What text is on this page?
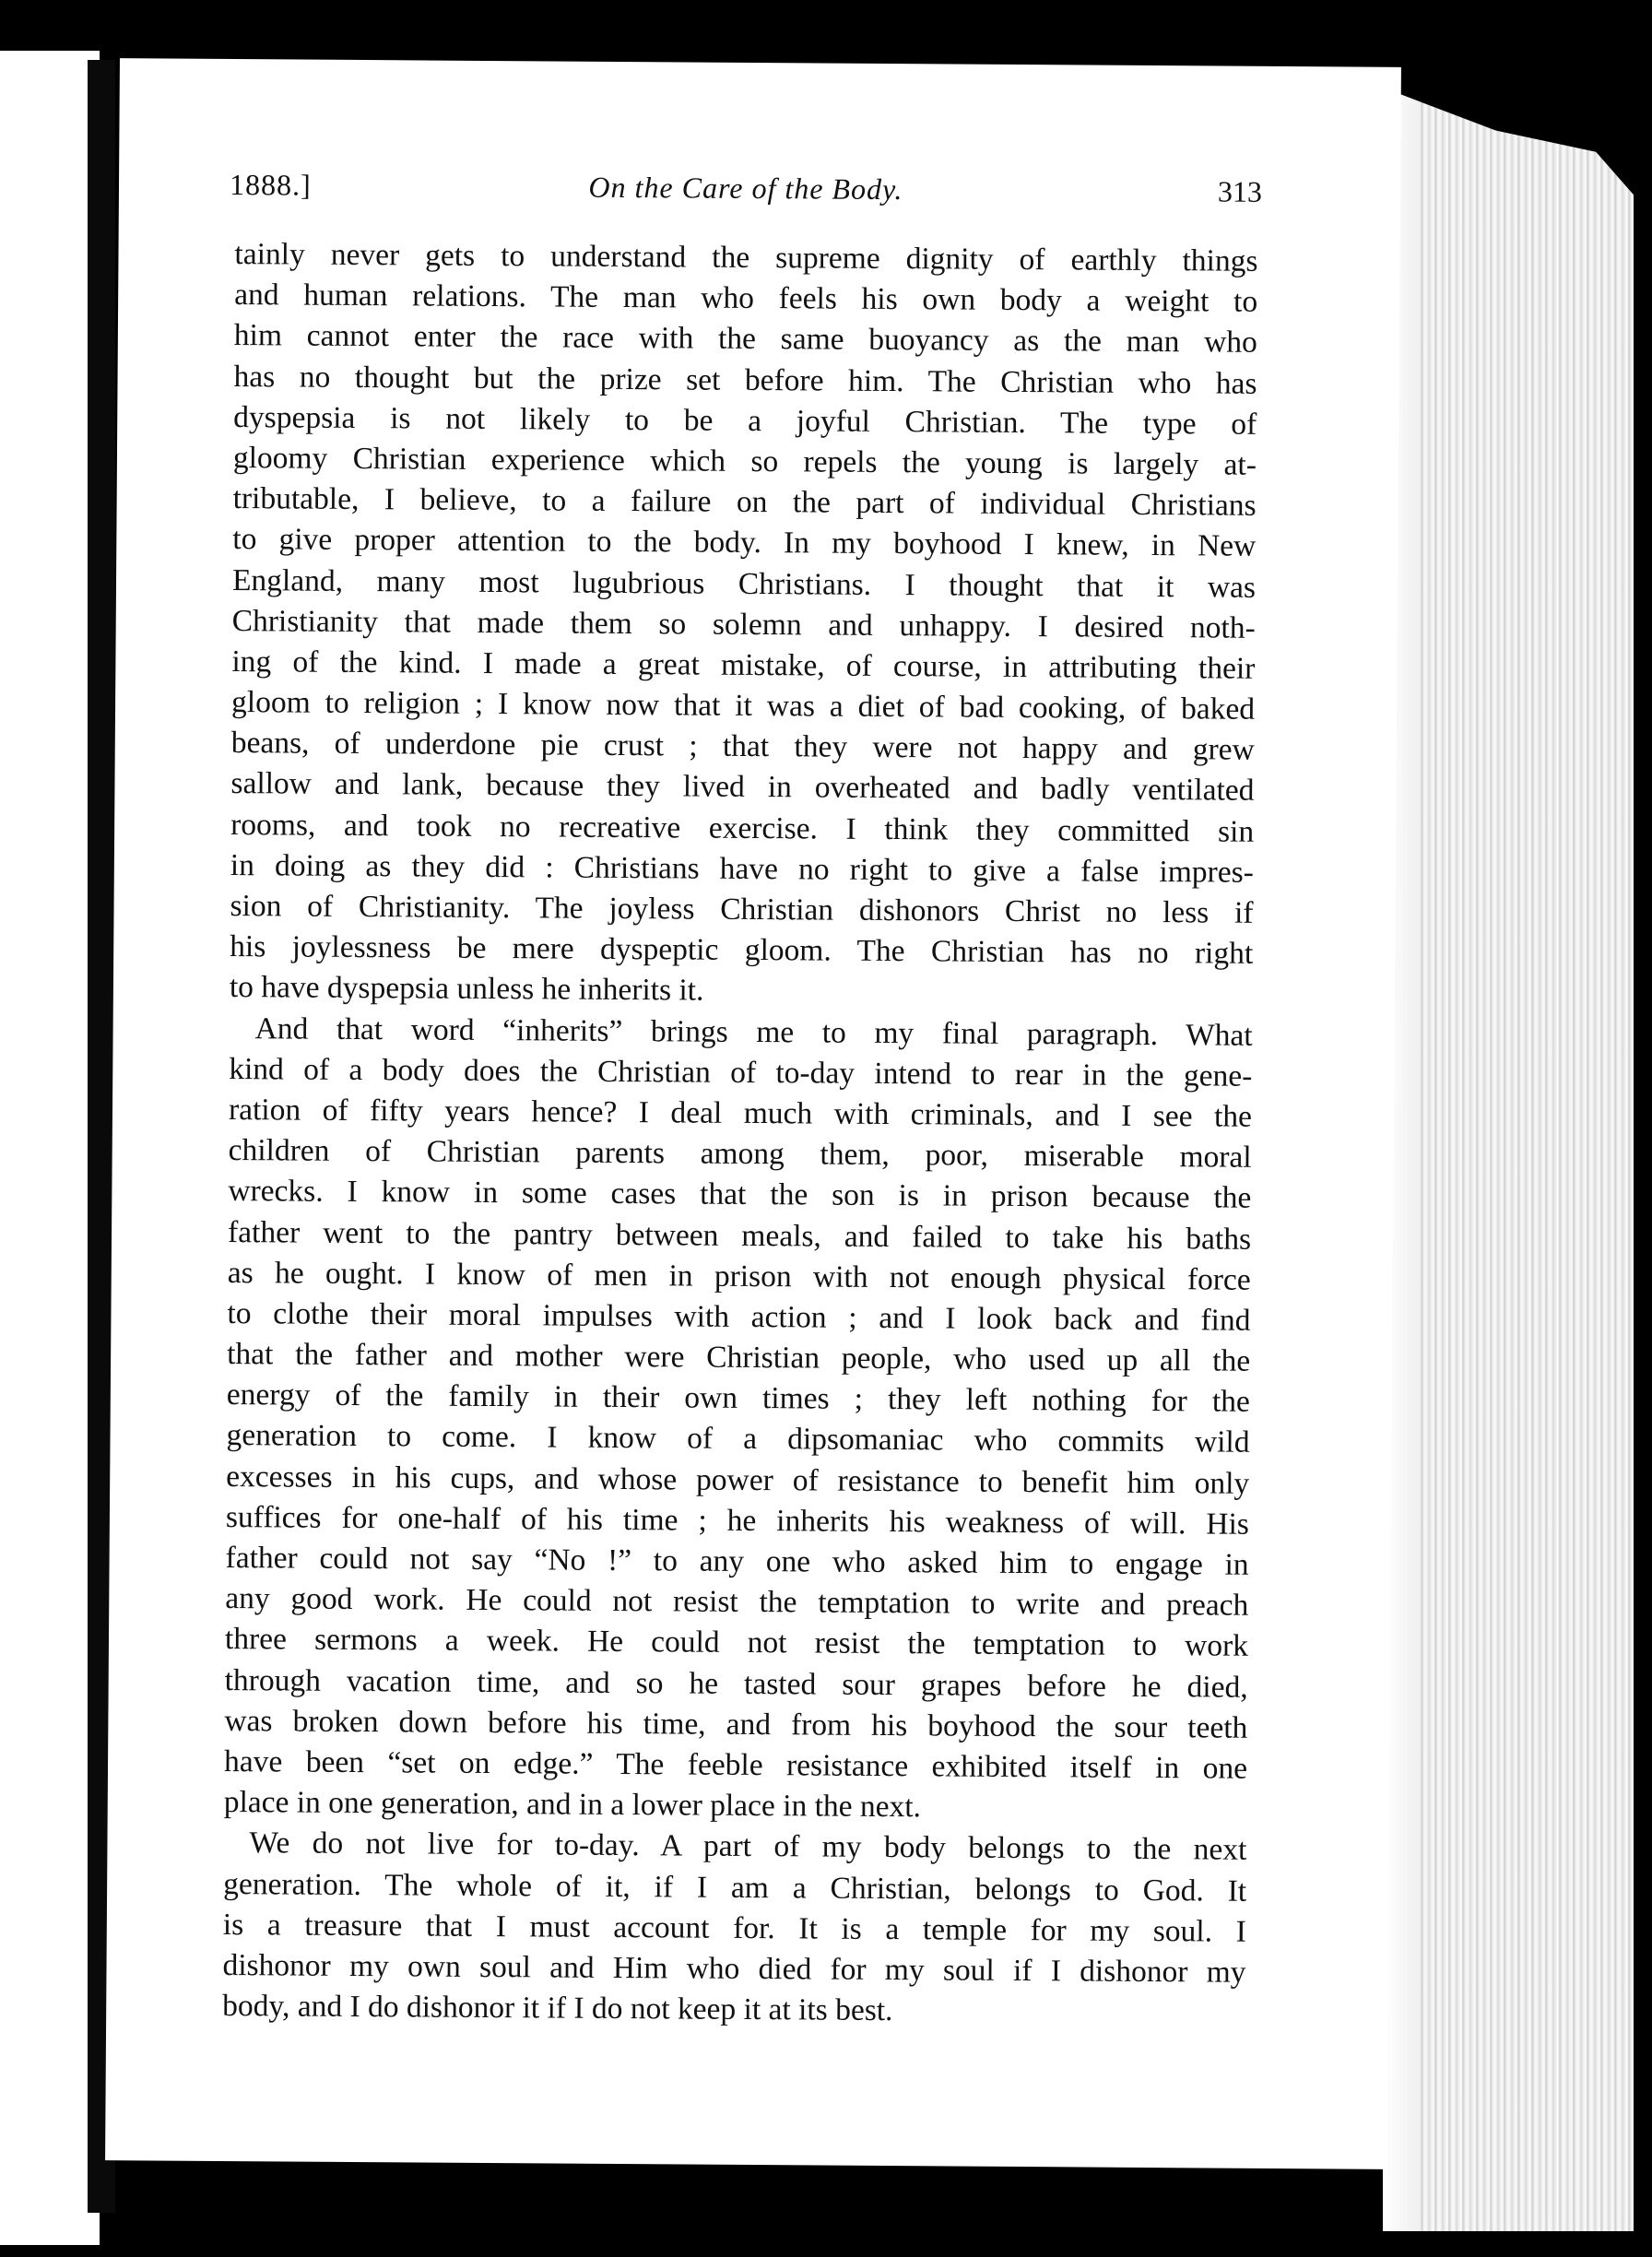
1888.]	On the Care of the Body.	313
tainly never gets to understand the supreme dignity of earthly things
and human relations. The man who feels his own body a weight to
him cannot enter the race with the same buoyancy as the man who
has no thought but the prize set before him. The Christian who has
dyspepsia is not likely to be a joyful Christian. The type of
gloomy Christian experience which so repels the young is largely at-
tributable, I believe, to a failure on the part of individual Christians
to give proper attention to the body. In my boyhood I knew, in New
England, many most lugubrious Christians. I thought that it was
Christianity that made them so solemn and unhappy. I desired noth-
ing of the kind. I made a great mistake, of course, in attributing their
gloom to religion ; I know now that it was a diet of bad cooking, of baked
beans, of underdone pie crust ; that they were not happy and grew
sallow and lank, because they lived in overheated and badly ventilated
rooms, and took no recreative exercise. I think they committed sin
in doing as they did : Christians have no right to give a false impres-
sion of Christianity. The joyless Christian dishonors Christ no less if
his joylessness be mere dyspeptic gloom. The Christian has no right
to have dyspepsia unless he inherits it.
And that word “inherits” brings me to my final paragraph. What
kind of a body does the Christian of to-day intend to rear in the gene-
ration of fifty years hence? I deal much with criminals, and I see the
children of Christian parents among them, poor, miserable moral
wrecks. I know in some cases that the son is in prison because the
father went to the pantry between meals, and failed to take his baths
as he ought. I know of men in prison with not enough physical force
to clothe their moral impulses with action ; and I look back and find
that the father and mother were Christian people, who used up all the
energy of the family in their own times ; they left nothing for the
generation to come. I know of a dipsomaniac who commits wild
excesses in his cups, and whose power of resistance to benefit him only
suffices for one-half of his time ; he inherits his weakness of will. His
father could not say “No !” to any one who asked him to engage in
any good work. He could not resist the temptation to write and preach
three sermons a week. He could not resist the temptation to work
through vacation time, and so he tasted sour grapes before he died,
was broken down before his time, and from his boyhood the sour teeth
have been “set on edge.” The feeble resistance exhibited itself in one
place in one generation, and in a lower place in the next.
We do not live for to-day. A part of my body belongs to the next
generation. The whole of it, if I am a Christian, belongs to God. It
is a treasure that I must account for. It is a temple for my soul. I
dishonor my own soul and Him who died for my soul if I dishonor my
body, and I do dishonor it if I do not keep it at its best.
